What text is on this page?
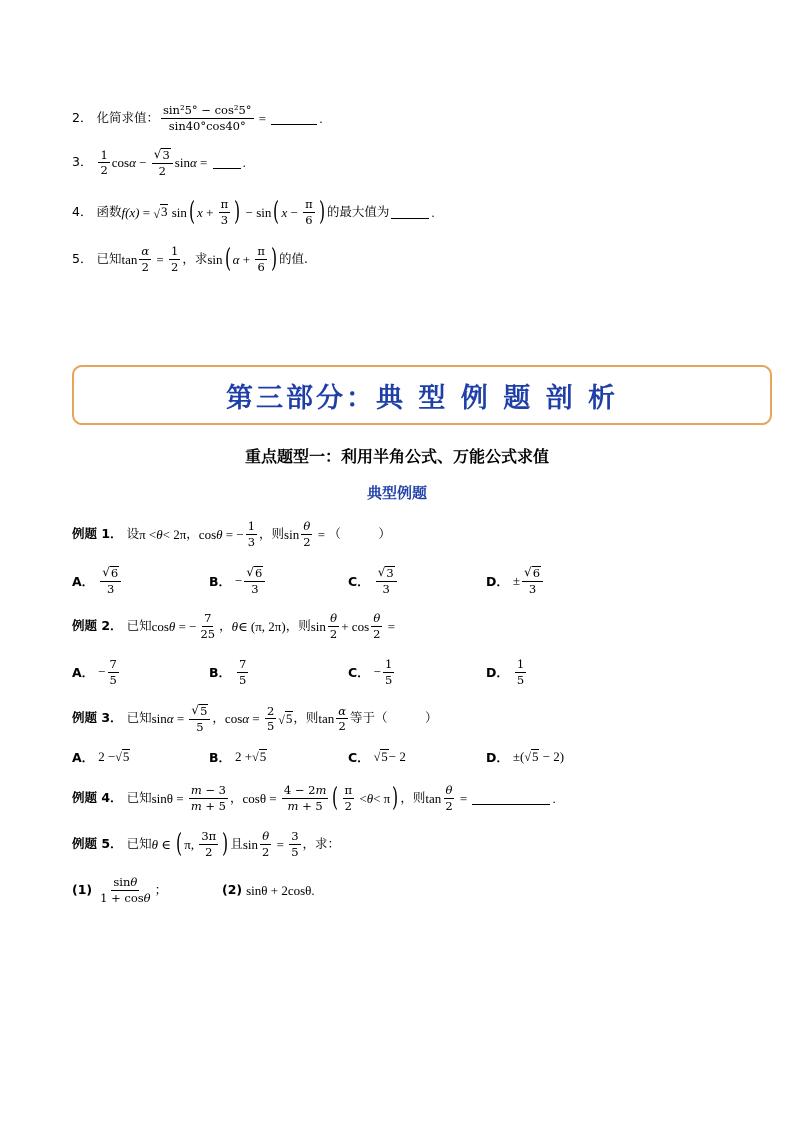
2． 化简求值： $\frac{\text{sin²5° − cos²5°}}{\sin 40^\circ\cos 40^\circ}$ =	.
3． $\frac{1}{2}$ $\cos \alpha - \frac{√ 3}{2}$ sin α = .
4． 函数 f(x) = √ 3 sin ( $x + \frac{\pi}{3}$ ) − sin ( $x - \frac{\pi}{6}$ ) 的最大值为	.
5． 已知 $\tan \frac{\alpha}{2} = \frac{1}{2}$ ，求 sin ( $\alpha + \frac{\pi}{6}$ ) 的值.
第三部分：典 型 例 题 剖 析
重点题型一：利用半角公式、万能公式求值
典型例题
例题 1． 设 π < θ < 2π ， cos θ = − $\frac{1}{3}$ ，则 $\sin \frac{\theta}{2}$ = （　　　）
A． $\frac{√ 6}{3}$	B． − $\frac{√ 6}{3}$	C． $\frac{√ 3}{3}$	D． ± $\frac{√ 6}{3}$
例题 2． 已知 cos θ = − $\frac{7}{25}$ ， θ ∈ (π, 2π) ，则 $\sin \frac{\theta}{2} + \cos \frac{\theta}{2}$ =
A． − $\frac{7}{5}$	B． $\frac{7}{5}$	C． − $\frac{1}{5}$	D． $\frac{1}{5}$
例题 3． 已知 $\sin \alpha = \frac{√ 5}{5}$ ， $\cos \alpha = \frac{2}{5}$ √ 5 ，则 $\tan \frac{\alpha}{2}$ 等于（　　　）
A． 2 − √ 5	B． 2 + √ 5	C． √ 5 − 2	D． ±( √ 5 − 2)
例题 4． 已知 $\sin\theta = \frac{m - 3}{m + 5}$ ， $\cos\theta = \frac{4 - 2m}{m + 5}$ ( $\frac{\pi}{2} < \theta < \pi$ ) ，则 $\tan \frac{\theta}{2}$ =	.
例题 5． 已知 θ ∈ ( π, $\frac{3\pi}{2}$ ) 且 $\sin \frac{\theta}{2} = \frac{3}{5}$ ，求：
$(1) \frac{\sin\theta}{1 + \cos\theta}$ ；	(2) sinθ + 2cosθ .
